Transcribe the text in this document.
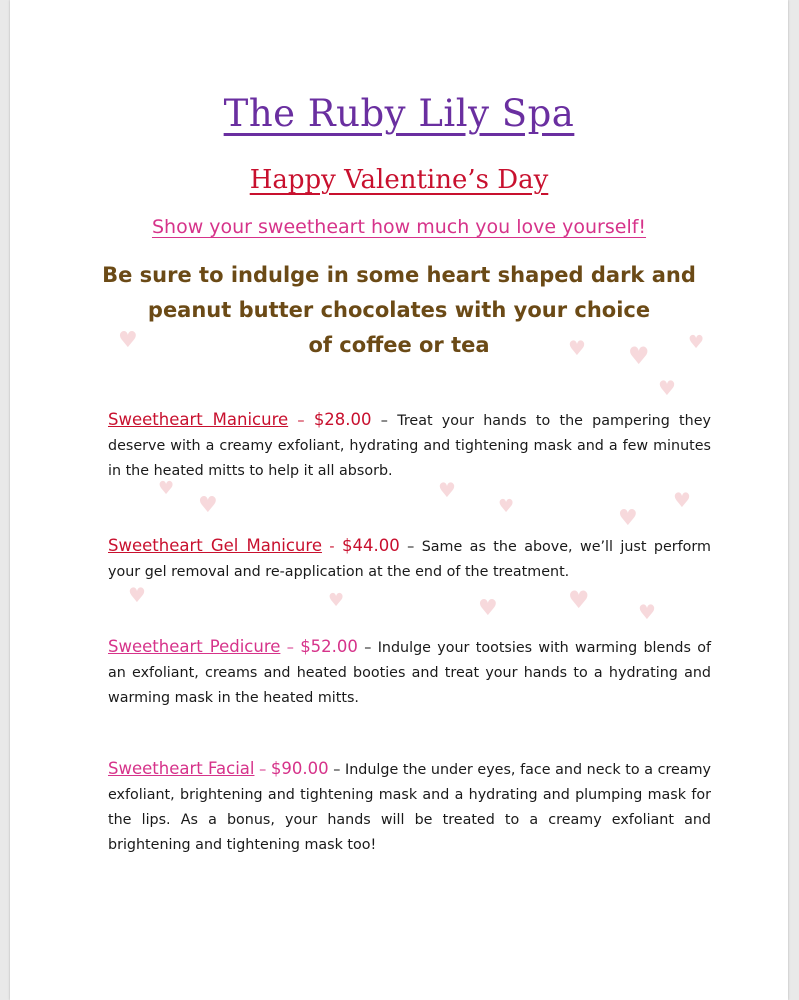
♥	♥ ♥ ♥
♥
♥
♥
♥
♥	♥
♥
♥	♥	♥	♥ ♥
The Ruby Lily Spa
Happy Valentine’s Day
Show your sweetheart how much you love yourself!
Be sure to indulge in some heart shaped dark and
peanut butter chocolates with your choice
of coffee or tea
Sweetheart Manicure – $28.00 – Treat your hands to the pampering they deserve with a creamy exfoliant, hydrating and tightening mask and a few minutes in the heated mitts to help it all absorb.
Sweetheart Gel Manicure - $44.00 – Same as the above, we’ll just perform your gel removal and re-application at the end of the treatment.
Sweetheart Pedicure – $52.00 – Indulge your tootsies with warming blends of an exfoliant, creams and heated booties and treat your hands to a hydrating and warming mask in the heated mitts.
Sweetheart Facial – $90.00 – Indulge the under eyes, face and neck to a creamy exfoliant, brightening and tightening mask and a hydrating and plumping mask for the lips. As a bonus, your hands will be treated to a creamy exfoliant and brightening and tightening mask too!
